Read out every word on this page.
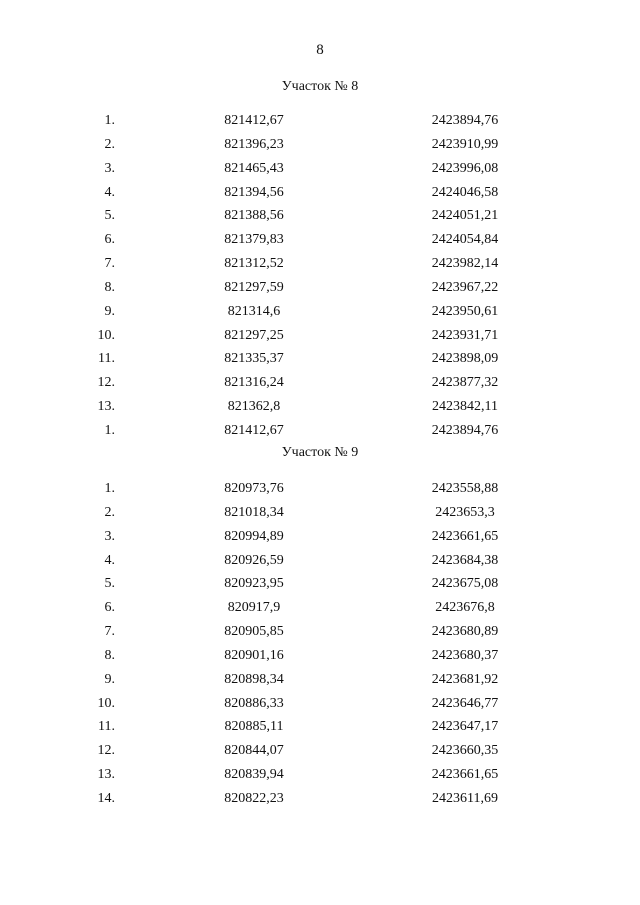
8
Участок № 8
1.	821412,67	2423894,76
2.	821396,23	2423910,99
3.	821465,43	2423996,08
4.	821394,56	2424046,58
5.	821388,56	2424051,21
6.	821379,83	2424054,84
7.	821312,52	2423982,14
8.	821297,59	2423967,22
9.	821314,6	2423950,61
10.	821297,25	2423931,71
11.	821335,37	2423898,09
12.	821316,24	2423877,32
13.	821362,8	2423842,11
1.	821412,67	2423894,76
Участок № 9
1.	820973,76	2423558,88
2.	821018,34	2423653,3
3.	820994,89	2423661,65
4.	820926,59	2423684,38
5.	820923,95	2423675,08
6.	820917,9	2423676,8
7.	820905,85	2423680,89
8.	820901,16	2423680,37
9.	820898,34	2423681,92
10.	820886,33	2423646,77
11.	820885,11	2423647,17
12.	820844,07	2423660,35
13.	820839,94	2423661,65
14.	820822,23	2423611,69
